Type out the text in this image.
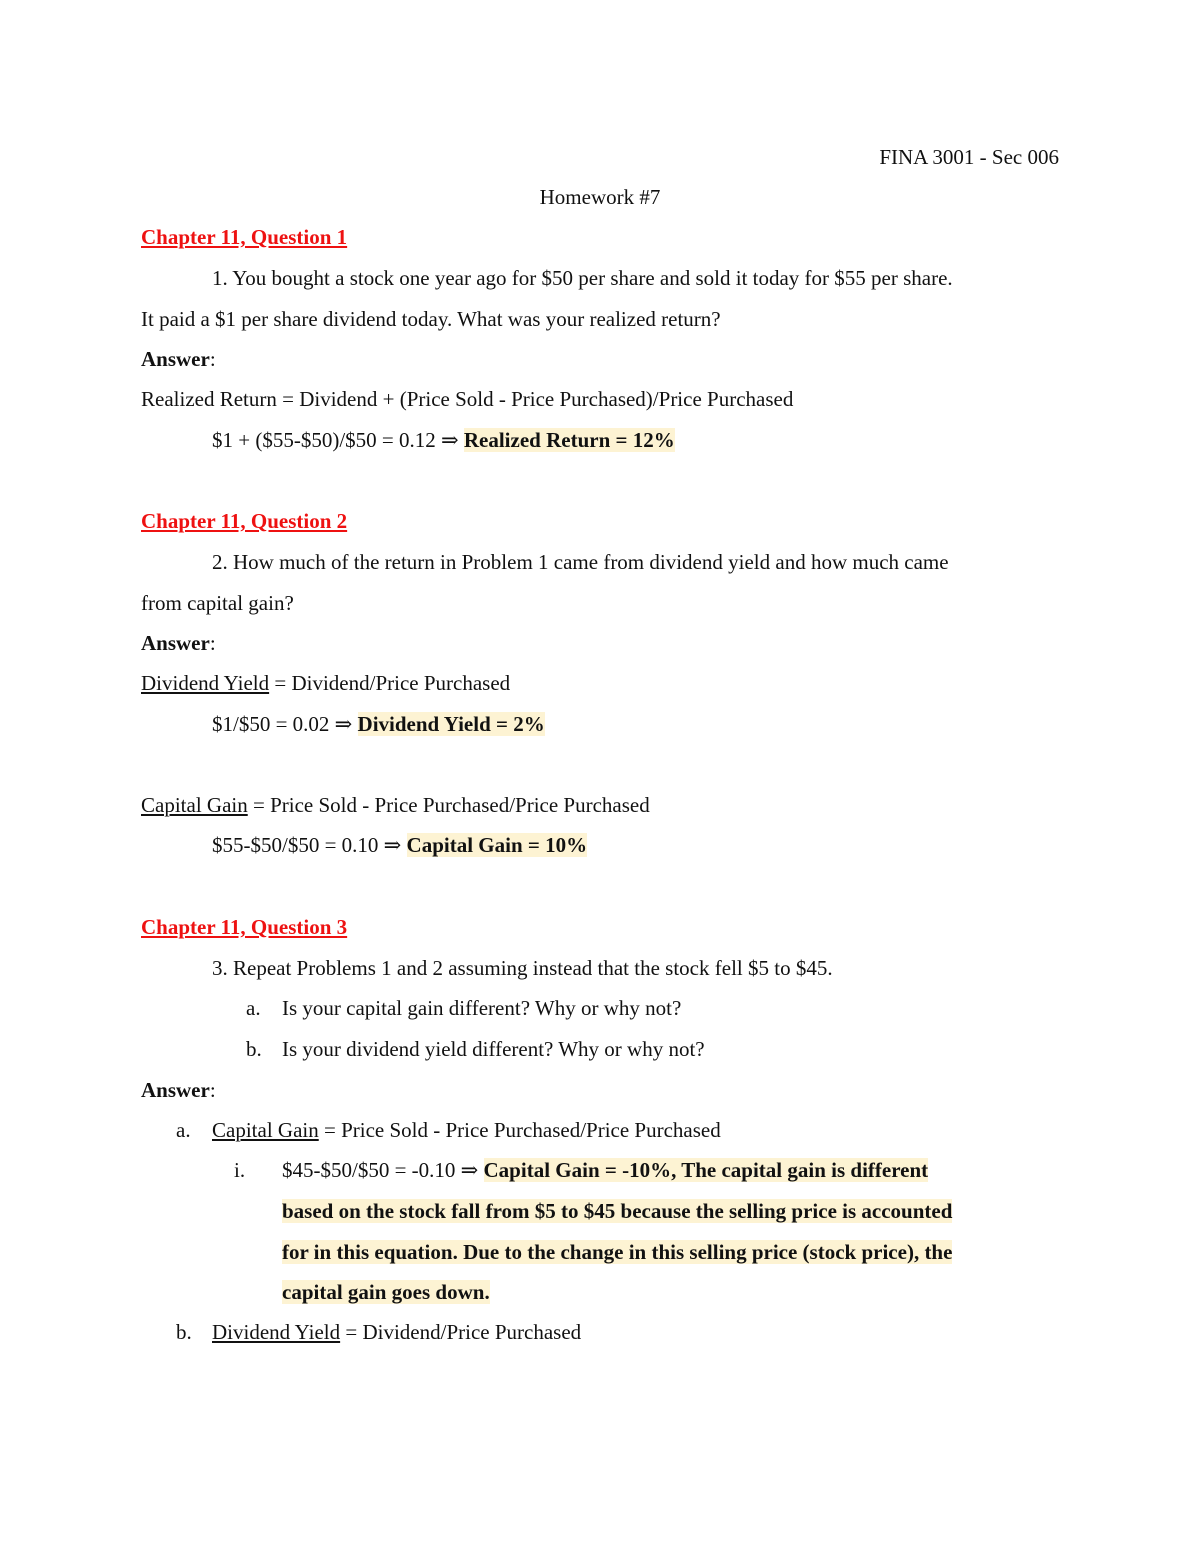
FINA 3001 - Sec 006
Homework #7
Chapter 11, Question 1
1. You bought a stock one year ago for $50 per share and sold it today for $55 per share.
It paid a $1 per share dividend today. What was your realized return?
Answer:
Realized Return = Dividend + (Price Sold - Price Purchased)/Price Purchased
$1 + ($55-$50)/$50 = 0.12 ⇒ Realized Return = 12%
Chapter 11, Question 2
2. How much of the return in Problem 1 came from dividend yield and how much came
from capital gain?
Answer:
Dividend Yield = Dividend/Price Purchased
$1/$50 = 0.02 ⇒ Dividend Yield = 2%
Capital Gain = Price Sold - Price Purchased/Price Purchased
$55-$50/$50 = 0.10 ⇒ Capital Gain = 10%
Chapter 11, Question 3
3. Repeat Problems 1 and 2 assuming instead that the stock fell $5 to $45.
a. Is your capital gain different? Why or why not?
b. Is your dividend yield different? Why or why not?
Answer:
a. Capital Gain = Price Sold - Price Purchased/Price Purchased
i. $45-$50/$50 = -0.10 ⇒ Capital Gain = -10%, The capital gain is different
based on the stock fall from $5 to $45 because the selling price is accounted
for in this equation. Due to the change in this selling price (stock price), the
capital gain goes down.
b. Dividend Yield = Dividend/Price Purchased
